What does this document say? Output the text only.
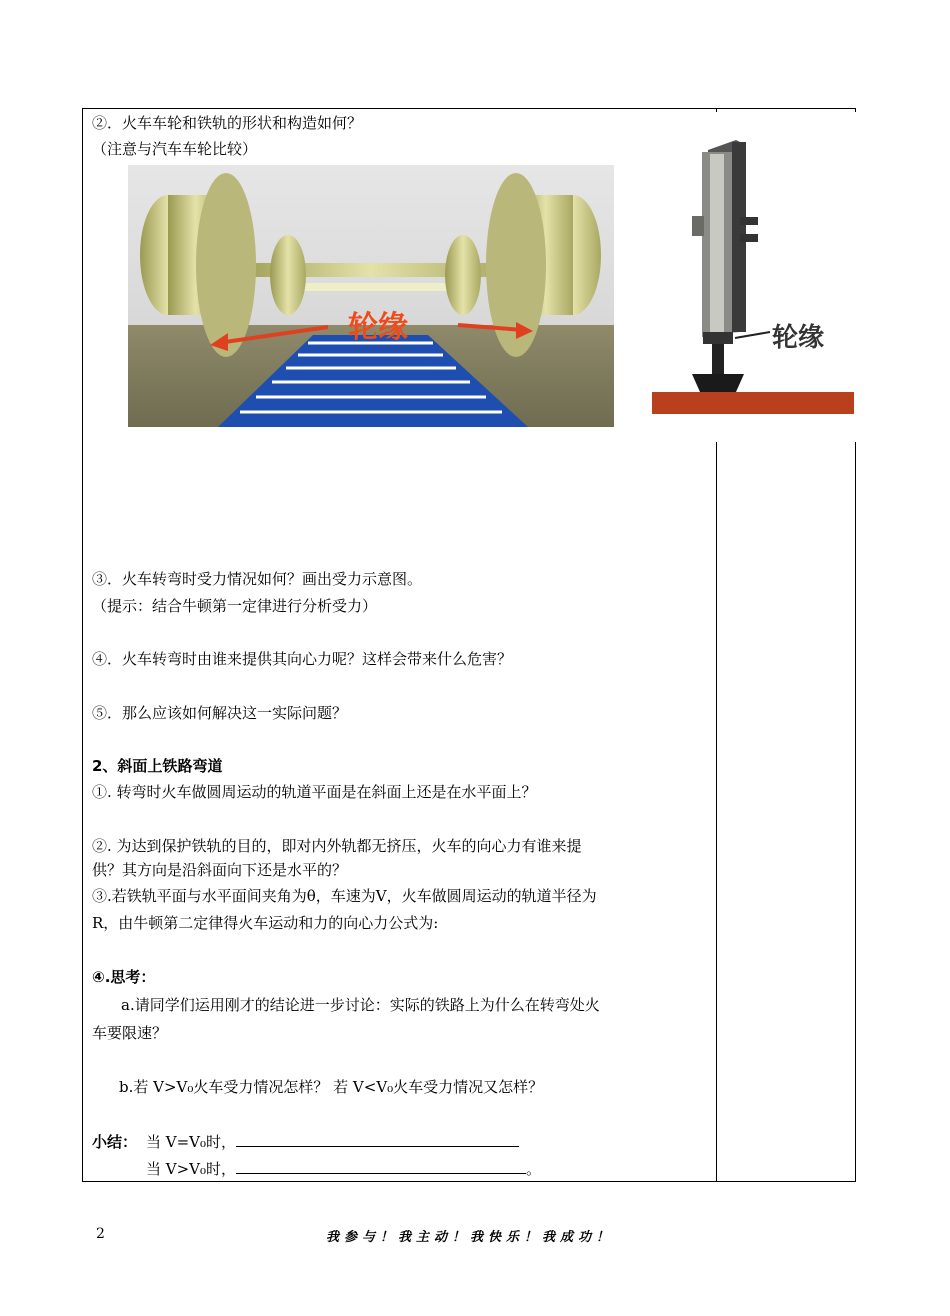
②．火车车轮和铁轨的形状和构造如何？
（注意与汽车车轮比较）
轮缘	轮缘
③．火车转弯时受力情况如何？画出受力示意图。
（提示：结合牛顿第一定律进行分析受力）
④．火车转弯时由谁来提供其向心力呢？这样会带来什么危害？
⑤．那么应该如何解决这一实际问题？
2、斜面上铁路弯道
①. 转弯时火车做圆周运动的轨道平面是在斜面上还是在水平面上？
②. 为达到保护铁轨的目的，即对内外轨都无挤压，火车的向心力有谁来提
供？其方向是沿斜面向下还是水平的？
③.若铁轨平面与水平面间夹角为θ，车速为V，火车做圆周运动的轨道半径为
R，由牛顿第二定律得火车运动和力的向心力公式为:
④.思考：
a.请同学们运用刚才的结论进一步讨论：实际的铁路上为什么在转弯处火
车要限速？
b.若 V>V₀火车受力情况怎样？ 若 V<V₀火车受力情况又怎样？
小结： 当 V=V₀时，
当 V>V₀时，	。
2	我参与！我主动！我快乐！我成功！
